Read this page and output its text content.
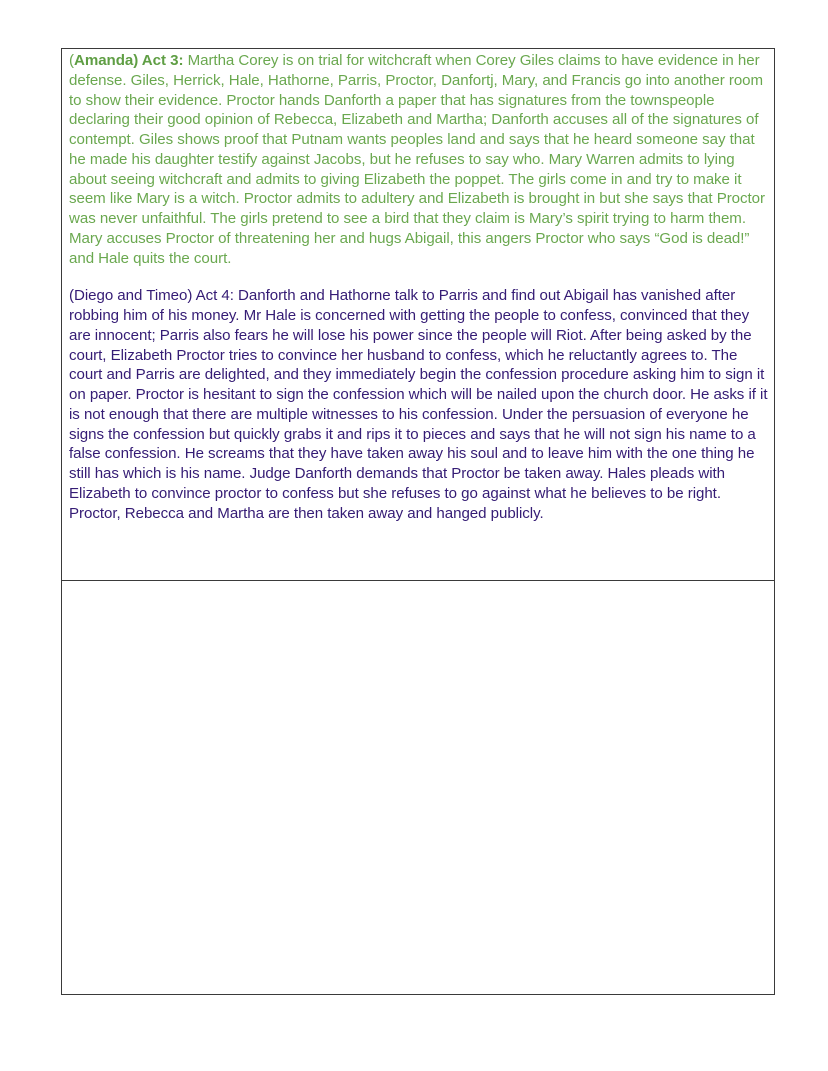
(Amanda) Act 3: Martha Corey is on trial for witchcraft when Corey Giles claims to have evidence in her defense. Giles, Herrick, Hale, Hathorne, Parris, Proctor, Danfortj, Mary, and Francis go into another room to show their evidence. Proctor hands Danforth a paper that has signatures from the townspeople declaring their good opinion of Rebecca, Elizabeth and Martha; Danforth accuses all of the signatures of contempt. Giles shows proof that Putnam wants peoples land and says that he heard someone say that he made his daughter testify against Jacobs, but he refuses to say who. Mary Warren admits to lying about seeing witchcraft and admits to giving Elizabeth the poppet. The girls come in and try to make it seem like Mary is a witch. Proctor admits to adultery and Elizabeth is brought in but she says that Proctor was never unfaithful. The girls pretend to see a bird that they claim is Mary’s spirit trying to harm them. Mary accuses Proctor of threatening her and hugs Abigail, this angers Proctor who says “God is dead!” and Hale quits the court.

(Diego and Timeo) Act 4: Danforth and Hathorne talk to Parris and find out Abigail has vanished after robbing him of his money. Mr Hale is concerned with getting the people to confess, convinced that they are innocent; Parris also fears he will lose his power since the people will Riot. After being asked by the court, Elizabeth Proctor tries to convince her husband to confess, which he reluctantly agrees to. The court and Parris are delighted, and they immediately begin the confession procedure asking him to sign it on paper. Proctor is hesitant to sign the confession which will be nailed upon the church door. He asks if it is not enough that there are multiple witnesses to his confession. Under the persuasion of everyone he signs the confession but quickly grabs it and rips it to pieces and says that he will not sign his name to a false confession. He screams that they have taken away his soul and to leave him with the one thing he still has which is his name. Judge Danforth demands that Proctor be taken away. Hales pleads with Elizabeth to convince proctor to confess but she refuses to go against what he believes to be right. Proctor, Rebecca and Martha are then taken away and hanged publicly.
